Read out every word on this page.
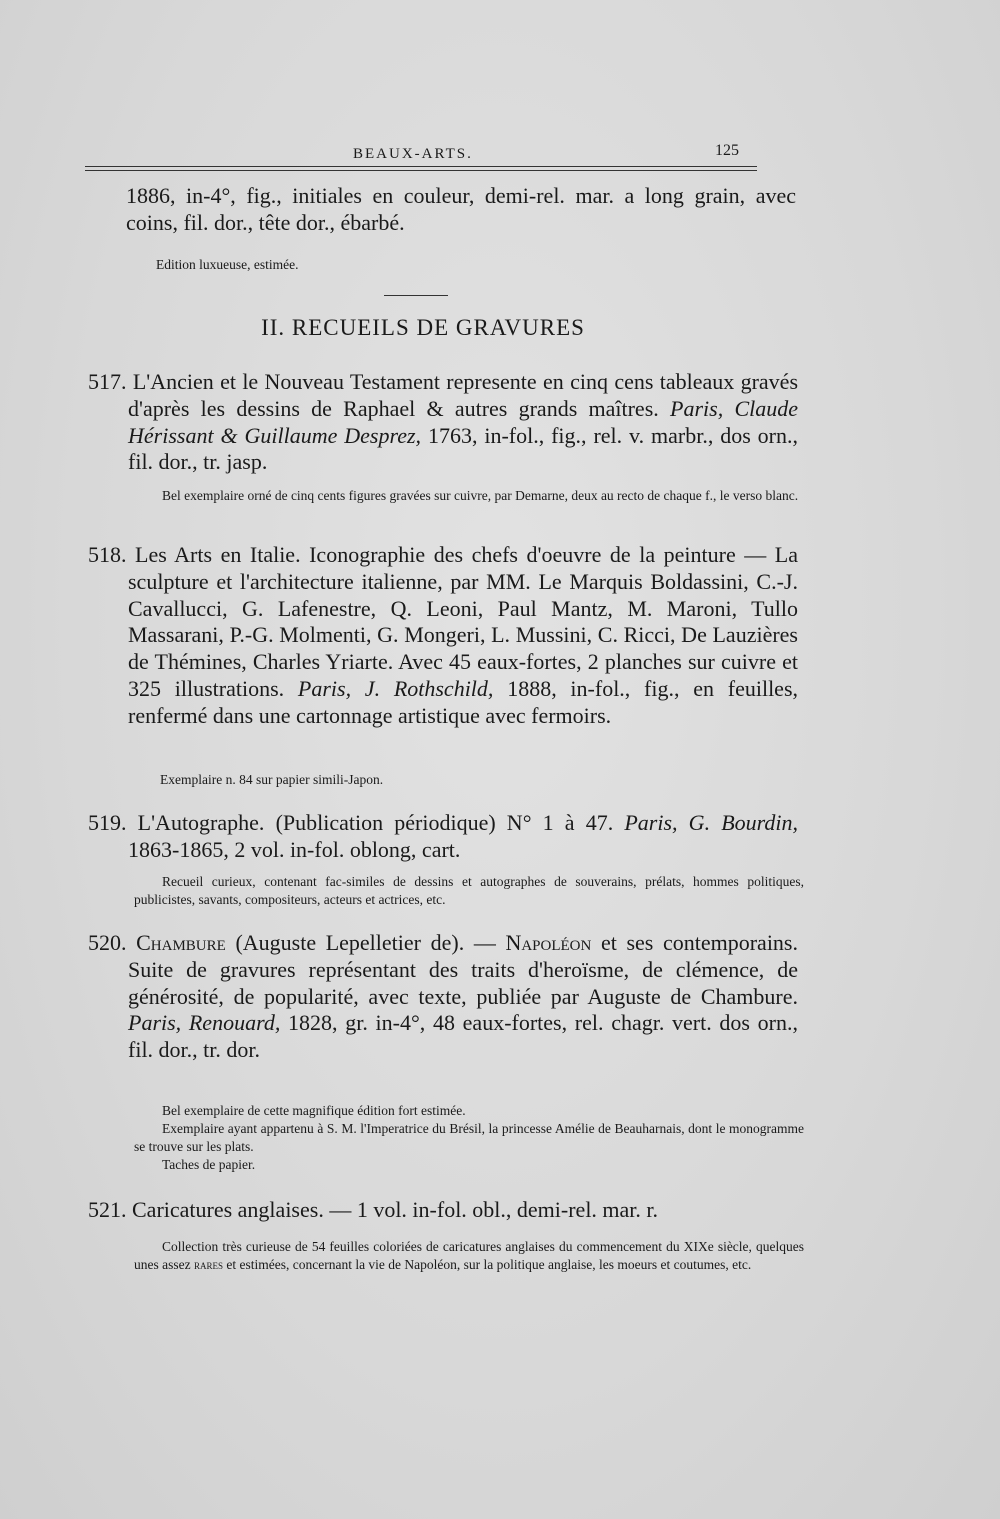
BEAUX-ARTS.	125
1886, in-4°, fig., initiales en couleur, demi-rel. mar. a long grain, avec coins, fil. dor., tête dor., ébarbé.
Edition luxueuse, estimée.
II. RECUEILS DE GRAVURES
517. L'Ancien et le Nouveau Testament represente en cinq cens tableaux gravés d'après les dessins de Raphael & autres grands maîtres. Paris, Claude Hérissant & Guillaume Desprez, 1763, in-fol., fig., rel. v. marbr., dos orn., fil. dor., tr. jasp.
Bel exemplaire orné de cinq cents figures gravées sur cuivre, par Demarne, deux au recto de chaque f., le verso blanc.
518. Les Arts en Italie. Iconographie des chefs d'oeuvre de la peinture — La sculpture et l'architecture italienne, par MM. Le Marquis Boldassini, C.-J. Cavallucci, G. Lafenestre, Q. Leoni, Paul Mantz, M. Maroni, Tullo Massarani, P.-G. Molmenti, G. Mongeri, L. Mussini, C. Ricci, De Lauzières de Thémines, Charles Yriarte. Avec 45 eaux-fortes, 2 planches sur cuivre et 325 illustrations. Paris, J. Rothschild, 1888, in-fol., fig., en feuilles, renfermé dans une cartonnage artistique avec fermoirs.
Exemplaire n. 84 sur papier simili-Japon.
519. L'Autographe. (Publication périodique) N° 1 à 47. Paris, G. Bourdin, 1863-1865, 2 vol. in-fol. oblong, cart.
Recueil curieux, contenant fac-similes de dessins et autographes de souverains, prélats, hommes politiques, publicistes, savants, compositeurs, acteurs et actrices, etc.
520. Chambure (Auguste Lepelletier de). — Napoléon et ses contemporains. Suite de gravures représentant des traits d'heroïsme, de clémence, de générosité, de popularité, avec texte, publiée par Auguste de Chambure. Paris, Renouard, 1828, gr. in-4°, 48 eaux-fortes, rel. chagr. vert. dos orn., fil. dor., tr. dor.
Bel exemplaire de cette magnifique édition fort estimée.
Exemplaire ayant appartenu à S. M. l'Imperatrice du Brésil, la princesse Amélie de Beauharnais, dont le monogramme se trouve sur les plats.
Taches de papier.
521. Caricatures anglaises. — 1 vol. in-fol. obl., demi-rel. mar. r.
Collection très curieuse de 54 feuilles coloriées de caricatures anglaises du commencement du XIXe siècle, quelques unes assez rares et estimées, concernant la vie de Napoléon, sur la politique anglaise, les moeurs et coutumes, etc.
